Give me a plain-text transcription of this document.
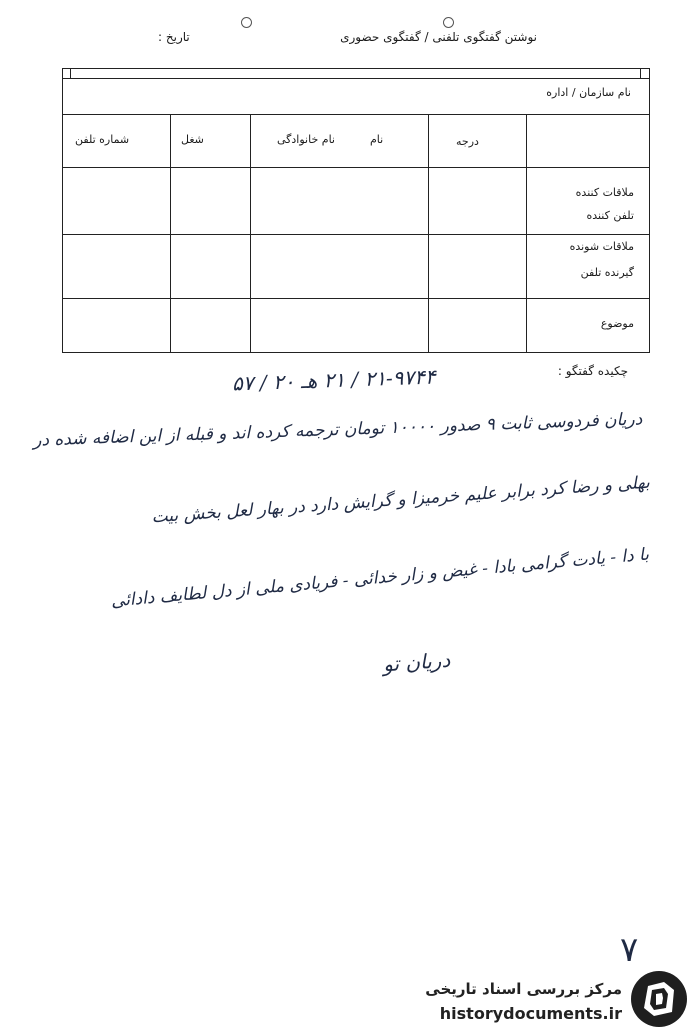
نوشتن گفتگوی تلفنی / گفتگوی حضوری
تاریخ :
نام سازمان / اداره
شماره تلفن	شغل	نام خانوادگی	نام	درجه
ملاقات کننده
تلفن کننده
ملاقات شونده
گیرنده تلفن
موضوع
چکیده گفتگو :
۲۱-۹۷۴۴ / ۲۱ هـ ۲۰ / ۵۷
دریان فردوسی ثابت ۹ صدور ۱۰۰۰۰ تومان ترجمه کرده اند و قبله از این اضافه شده در
بهلی و رضا کرد برابر علیم خرمیزا و گرایش دارد در بهار لعل بخش بیت
با دا - یادت گرامی بادا - غیض و زار خدائی - فریادی ملی از دل لطایف دادائی
دریان تو
٧
مرکز بررسی اسناد تاریخی
historydocuments.ir
